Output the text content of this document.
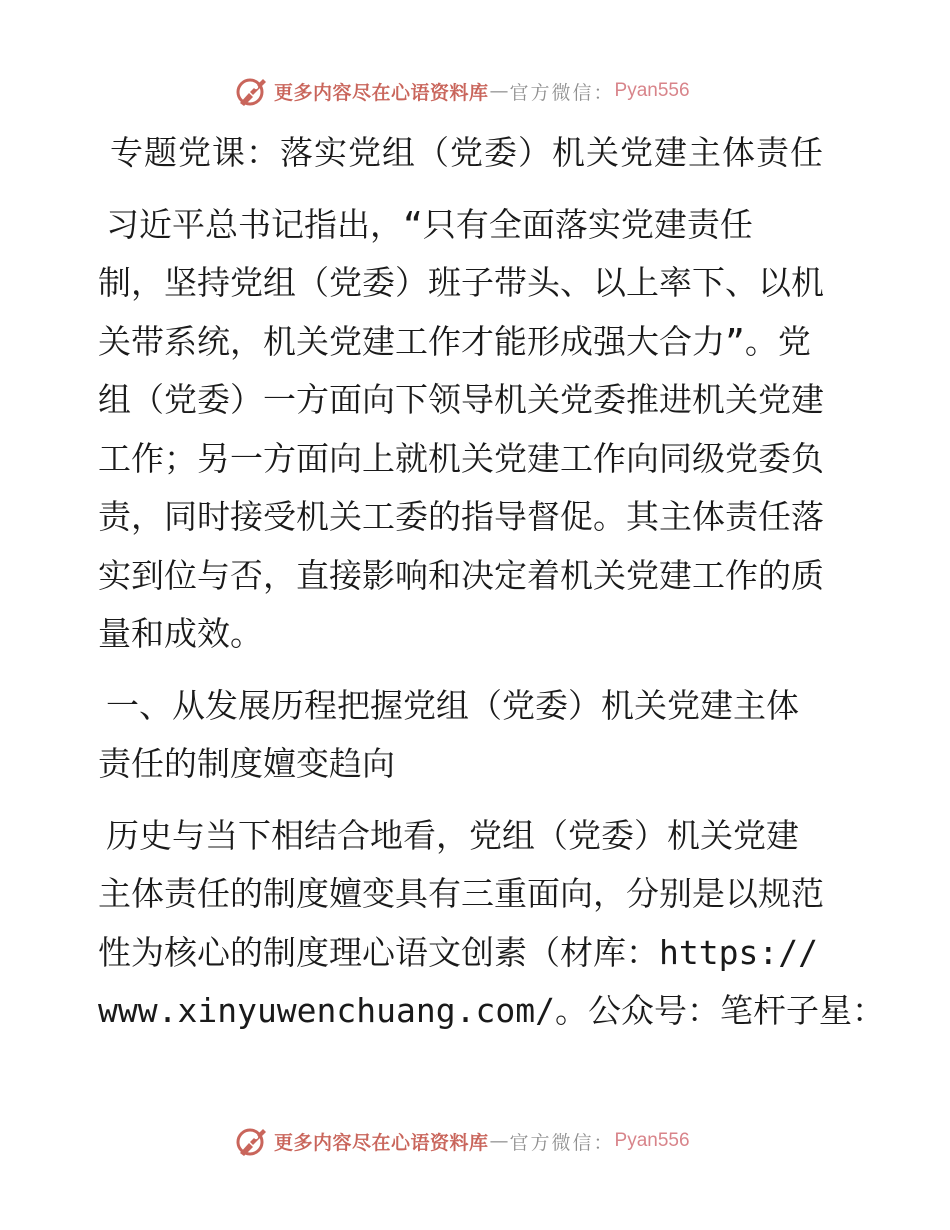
更多内容尽在心语资料库 — 官方微信： Pyan556

专题党课：落实党组（党委）机关党建主体责任

习近平总书记指出，“只有全面落实党建责任
制，坚持党组（党委）班子带头、以上率下、以机
关带系统，机关党建工作才能形成强大合力”。党
组（党委）一方面向下领导机关党委推进机关党建
工作；另一方面向上就机关党建工作向同级党委负
责，同时接受机关工委的指导督促。其主体责任落
实到位与否，直接影响和决定着机关党建工作的质
量和成效。

一、从发展历程把握党组（党委）机关党建主体
责任的制度嬗变趋向

历史与当下相结合地看，党组（党委）机关党建
主体责任的制度嬗变具有三重面向，分别是以规范
性为核心的制度理心语文创素（材库：https://
www.xinyuwenchuang.com/。公众号：笔杆子星：

更多内容尽在心语资料库 — 官方微信： Pyan556
